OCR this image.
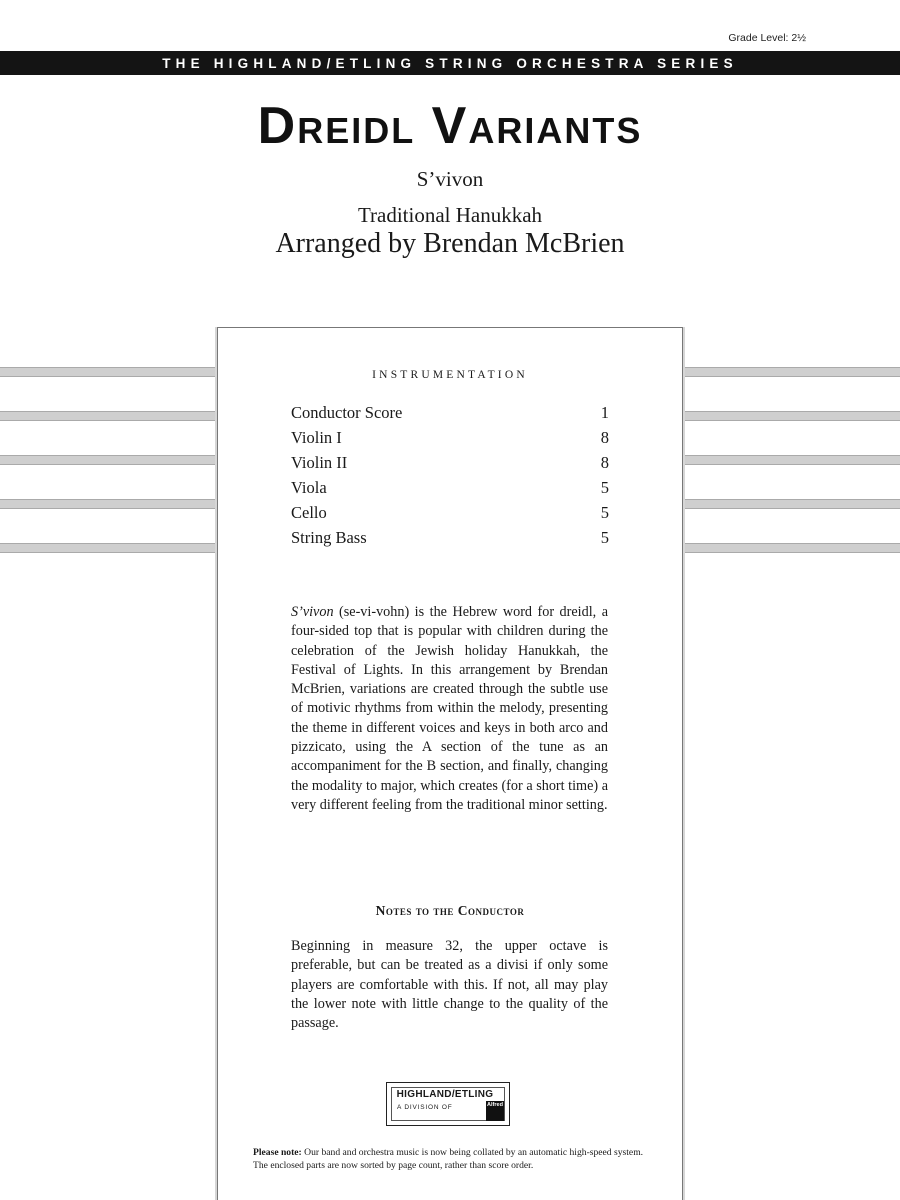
Grade Level: 2½
THE HIGHLAND/ETLING STRING ORCHESTRA SERIES
Dreidl Variants
S’vivon
Traditional Hanukkah
Arranged by Brendan McBrien
INSTRUMENTATION
Conductor Score	1
Violin I	8
Violin II	8
Viola	5
Cello	5
String Bass	5
S’vivon (se-vi-vohn) is the Hebrew word for dreidl, a four-sided top that is popular with children during the celebration of the Jewish holiday Hanukkah, the Festival of Lights. In this arrangement by Brendan McBrien, variations are created through the subtle use of motivic rhythms from within the melody, presenting the theme in different voices and keys in both arco and pizzicato, using the A section of the tune as an accompaniment for the B section, and finally, changing the modality to major, which creates (for a short time) a very different feeling from the traditional minor setting.
Notes to the Conductor
Beginning in measure 32, the upper octave is preferable, but can be treated as a divisi if only some players are comfortable with this. If not, all may play the lower note with little change to the quality of the passage.
HIGHLAND/ETLING
A DIVISION OF	Alfred
Please note: Our band and orchestra music is now being collated by an automatic high-speed system. The enclosed parts are now sorted by page count, rather than score order.
